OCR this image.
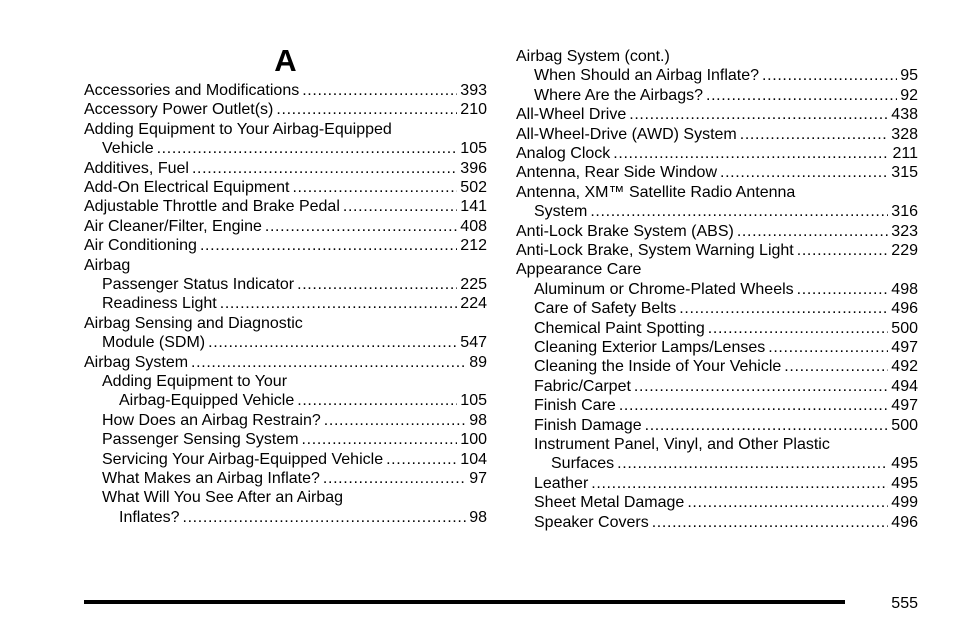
A
Accessories and Modifications . . .	393
Accessory Power Outlet(s) . . .	210
Adding Equipment to Your Airbag-Equipped
Vehicle . . .	105
Additives, Fuel . . .	396
Add-On Electrical Equipment . . .	502
Adjustable Throttle and Brake Pedal . . .	141
Air Cleaner/Filter, Engine . . .	408
Air Conditioning . . .	212
Airbag
Passenger Status Indicator . . .	225
Readiness Light . . .	224
Airbag Sensing and Diagnostic
Module (SDM) . . .	547
Airbag System . . .	89
Adding Equipment to Your
Airbag-Equipped Vehicle . . .	105
How Does an Airbag Restrain? . . .	98
Passenger Sensing System . . .	100
Servicing Your Airbag-Equipped Vehicle . . .	104
What Makes an Airbag Inflate? . . .	97
What Will You See After an Airbag
Inflates? . . .	98
Airbag System (cont.)
When Should an Airbag Inflate? . . .	95
Where Are the Airbags? . . .	92
All-Wheel Drive . . .	438
All-Wheel-Drive (AWD) System . . .	328
Analog Clock . . .	211
Antenna, Rear Side Window . . .	315
Antenna, XM™ Satellite Radio Antenna
System . . .	316
Anti-Lock Brake System (ABS) . . .	323
Anti-Lock Brake, System Warning Light . . .	229
Appearance Care
Aluminum or Chrome-Plated Wheels . . .	498
Care of Safety Belts . . .	496
Chemical Paint Spotting . . .	500
Cleaning Exterior Lamps/Lenses . . .	497
Cleaning the Inside of Your Vehicle . . .	492
Fabric/Carpet . . .	494
Finish Care . . .	497
Finish Damage . . .	500
Instrument Panel, Vinyl, and Other Plastic
Surfaces . . .	495
Leather . . .	495
Sheet Metal Damage . . .	499
Speaker Covers . . .	496
555
